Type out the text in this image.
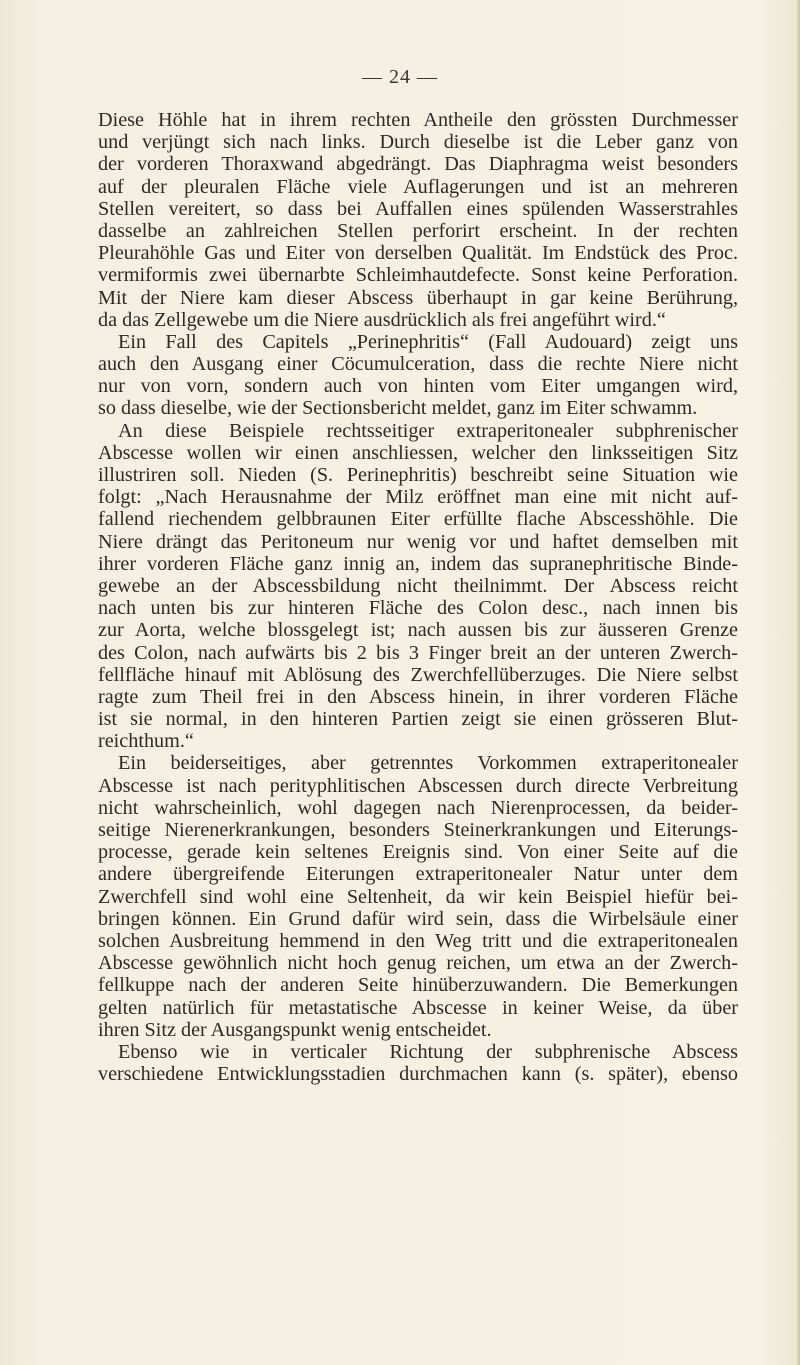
— 24 —
Diese Höhle hat in ihrem rechten Antheile den grössten Durchmesser
und verjüngt sich nach links. Durch dieselbe ist die Leber ganz von
der vorderen Thoraxwand abgedrängt. Das Diaphragma weist besonders
auf der pleuralen Fläche viele Auflagerungen und ist an mehreren
Stellen vereitert, so dass bei Auffallen eines spülenden Wasserstrahles
dasselbe an zahlreichen Stellen perforirt erscheint. In der rechten
Pleurahöhle Gas und Eiter von derselben Qualität. Im Endstück des Proc.
vermiformis zwei übernarbte Schleimhautdefecte. Sonst keine Perforation.
Mit der Niere kam dieser Abscess überhaupt in gar keine Berührung,
da das Zellgewebe um die Niere ausdrücklich als frei angeführt wird.“
Ein Fall des Capitels „Perinephritis“ (Fall Audouard) zeigt uns
auch den Ausgang einer Cöcumulceration, dass die rechte Niere nicht
nur von vorn, sondern auch von hinten vom Eiter umgangen wird,
so dass dieselbe, wie der Sectionsbericht meldet, ganz im Eiter schwamm.
An diese Beispiele rechtsseitiger extraperitonealer subphrenischer
Abscesse wollen wir einen anschliessen, welcher den linksseitigen Sitz
illustriren soll. Nieden (S. Perinephritis) beschreibt seine Situation wie
folgt: „Nach Herausnahme der Milz eröffnet man eine mit nicht auf-
fallend riechendem gelbbraunen Eiter erfüllte flache Abscesshöhle. Die
Niere drängt das Peritoneum nur wenig vor und haftet demselben mit
ihrer vorderen Fläche ganz innig an, indem das supranephritische Binde-
gewebe an der Abscessbildung nicht theilnimmt. Der Abscess reicht
nach unten bis zur hinteren Fläche des Colon desc., nach innen bis
zur Aorta, welche blossgelegt ist; nach aussen bis zur äusseren Grenze
des Colon, nach aufwärts bis 2 bis 3 Finger breit an der unteren Zwerch-
fellfläche hinauf mit Ablösung des Zwerchfellüberzuges. Die Niere selbst
ragte zum Theil frei in den Abscess hinein, in ihrer vorderen Fläche
ist sie normal, in den hinteren Partien zeigt sie einen grösseren Blut-
reichthum.“
Ein beiderseitiges, aber getrenntes Vorkommen extraperitonealer
Abscesse ist nach perityphlitischen Abscessen durch directe Verbreitung
nicht wahrscheinlich, wohl dagegen nach Nierenprocessen, da beider-
seitige Nierenerkrankungen, besonders Steinerkrankungen und Eiterungs-
processe, gerade kein seltenes Ereignis sind. Von einer Seite auf die
andere übergreifende Eiterungen extraperitonealer Natur unter dem
Zwerchfell sind wohl eine Seltenheit, da wir kein Beispiel hiefür bei-
bringen können. Ein Grund dafür wird sein, dass die Wirbelsäule einer
solchen Ausbreitung hemmend in den Weg tritt und die extraperitonealen
Abscesse gewöhnlich nicht hoch genug reichen, um etwa an der Zwerch-
fellkuppe nach der anderen Seite hinüberzuwandern. Die Bemerkungen
gelten natürlich für metastatische Abscesse in keiner Weise, da über
ihren Sitz der Ausgangspunkt wenig entscheidet.
Ebenso wie in verticaler Richtung der subphrenische Abscess
verschiedene Entwicklungsstadien durchmachen kann (s. später), ebenso
